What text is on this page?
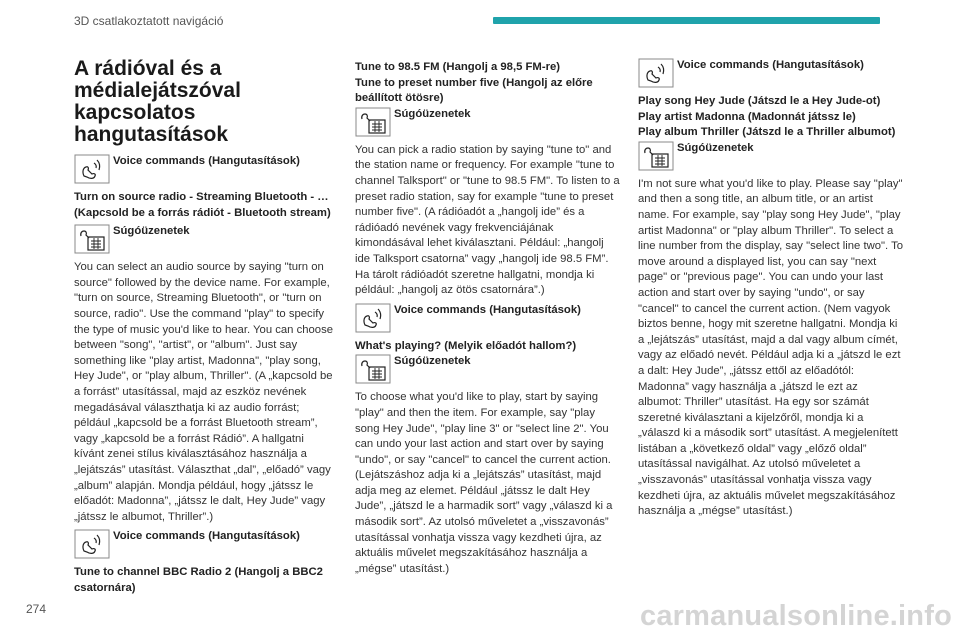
3D csatlakoztatott navigáció
A rádióval és a médialejátszóval kapcsolatos hangutasítások
Voice commands (Hangutasítások)

Turn on source radio - Streaming Bluetooth - … (Kapcsold be a forrás rádiót - Bluetooth stream)

Súgóüzenetek

You can select an audio source by saying "turn on source" followed by the device name. For example, "turn on source, Streaming Bluetooth", or "turn on source, radio". Use the command "play" to specify the type of music you'd like to hear. You can choose between "song", "artist", or "album". Just say something like "play artist, Madonna", "play song, Hey Jude", or "play album, Thriller". (A „kapcsold be a forrást” utasítással, majd az eszköz nevének megadásával választhatja ki az audio forrást; például „kapcsold be a forrást Bluetooth stream”, vagy „kapcsold be a forrást Rádió”. A hallgatni kívánt zenei stílus kiválasztásához használja a „lejátszás” utasítást. Választhat „dal”, „előadó” vagy „album” alapján. Mondja például, hogy „játssz le előadót: Madonna”, „játssz le dalt, Hey Jude” vagy „játssz le albumot, Thriller”.)

Voice commands (Hangutasítások)

Tune to channel BBC Radio 2 (Hangolj a BBC2 csatornára)

Tune to 98.5 FM (Hangolj a 98,5 FM-re)

Tune to preset number five (Hangolj az előre beállított ötösre)

Súgóüzenetek

You can pick a radio station by saying "tune to" and the station name or frequency. For example "tune to channel Talksport" or "tune to 98.5 FM". To listen to a preset radio station, say for example "tune to preset number five". (A rádióadót a „hangolj ide” és a rádióadó nevének vagy frekvenciájának kimondásával lehet kiválasztani. Például: „hangolj ide Talksport csatorna” vagy „hangolj ide 98.5 FM”. Ha tárolt rádióadót szeretne hallgatni, mondja ki például: „hangolj az ötös csatornára”.)

Voice commands (Hangutasítások)

What's playing? (Melyik előadót hallom?)

Súgóüzenetek

To choose what you'd like to play, start by saying "play" and then the item. For example, say "play song Hey Jude", "play line 3" or "select line 2". You can undo your last action and start over by saying "undo", or say "cancel" to cancel the current action. (Lejátszáshoz adja ki a „lejátszás” utasítást, majd adja meg az elemet. Például „játssz le dalt Hey Jude”, „játszd le a harmadik sort” vagy „válaszd ki a második sort”. Az utolsó műveletet a „visszavonás” utasítással vonhatja vissza vagy kezdheti újra, az aktuális művelet megszakításához használja a „mégse” utasítást.)

Voice commands (Hangutasítások)

Play song Hey Jude (Játszd le a Hey Jude-ot)

Play artist Madonna (Madonnát játssz le)

Play album Thriller (Játszd le a Thriller albumot)

Súgóüzenetek

I'm not sure what you'd like to play. Please say "play" and then a song title, an album title, or an artist name. For example, say "play song Hey Jude", "play artist Madonna" or "play album Thriller". To select a line number from the display, say "select line two". To move around a displayed list, you can say "next page" or "previous page". You can undo your last action and start over by saying "undo", or say "cancel" to cancel the current action. (Nem vagyok biztos benne, hogy mit szeretne hallgatni. Mondja ki a „lejátszás” utasítást, majd a dal vagy album címét, vagy az előadó nevét. Például adja ki a „játszd le ezt a dalt: Hey Jude”, „játssz ettől az előadótól: Madonna” vagy használja a „játszd le ezt az albumot: Thriller” utasítást. Ha egy sor számát szeretné kiválasztani a kijelzőről, mondja ki a „válaszd ki a második sort” utasítást. A megjelenített listában a „következő oldal” vagy „előző oldal” utasítással navigálhat. Az utolsó műveletet a „visszavonás” utasítással vonhatja vissza vagy kezdheti újra, az aktuális művelet megszakításához használja a „mégse” utasítást.)

274	carmanualsonline.info
